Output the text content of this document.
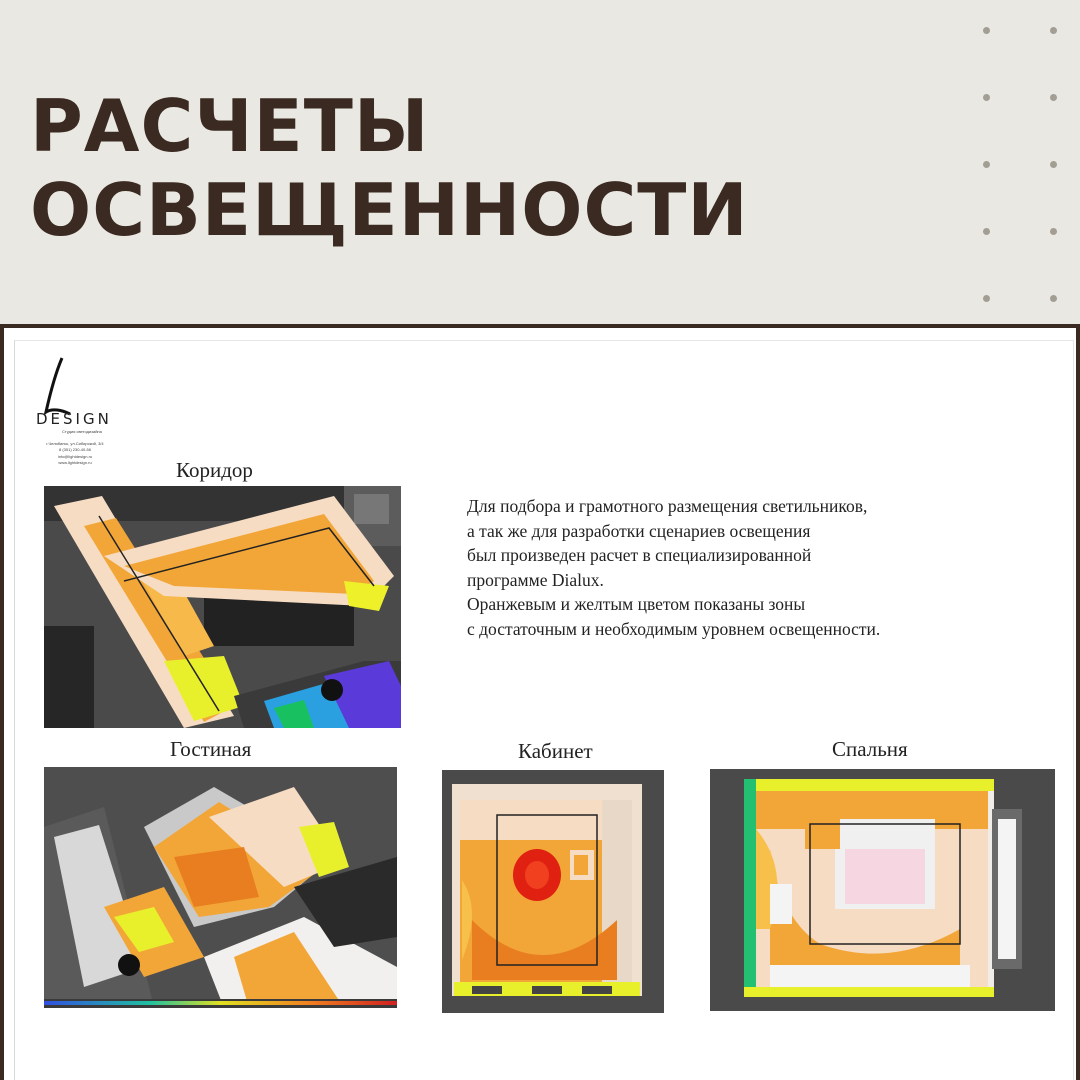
РАСЧЕТЫ
ОСВЕЩЕННОСТИ
DESIGN
Студия светодизайна
г.Челябинск, ул.Сибирский, 3/4
8 (351) 230-40-56
info@lightdesign.ru
www.lightdesign.ru	Коридор
Для подбора и грамотного размещения светильников,
а так же для разработки сценариев освещения
был произведен расчет в специализированной
программе Dialux.
Оранжевым и желтым цветом показаны зоны
с достаточным и необходимым уровнем освещенности.
Гостиная	Кабинет	Спальня
